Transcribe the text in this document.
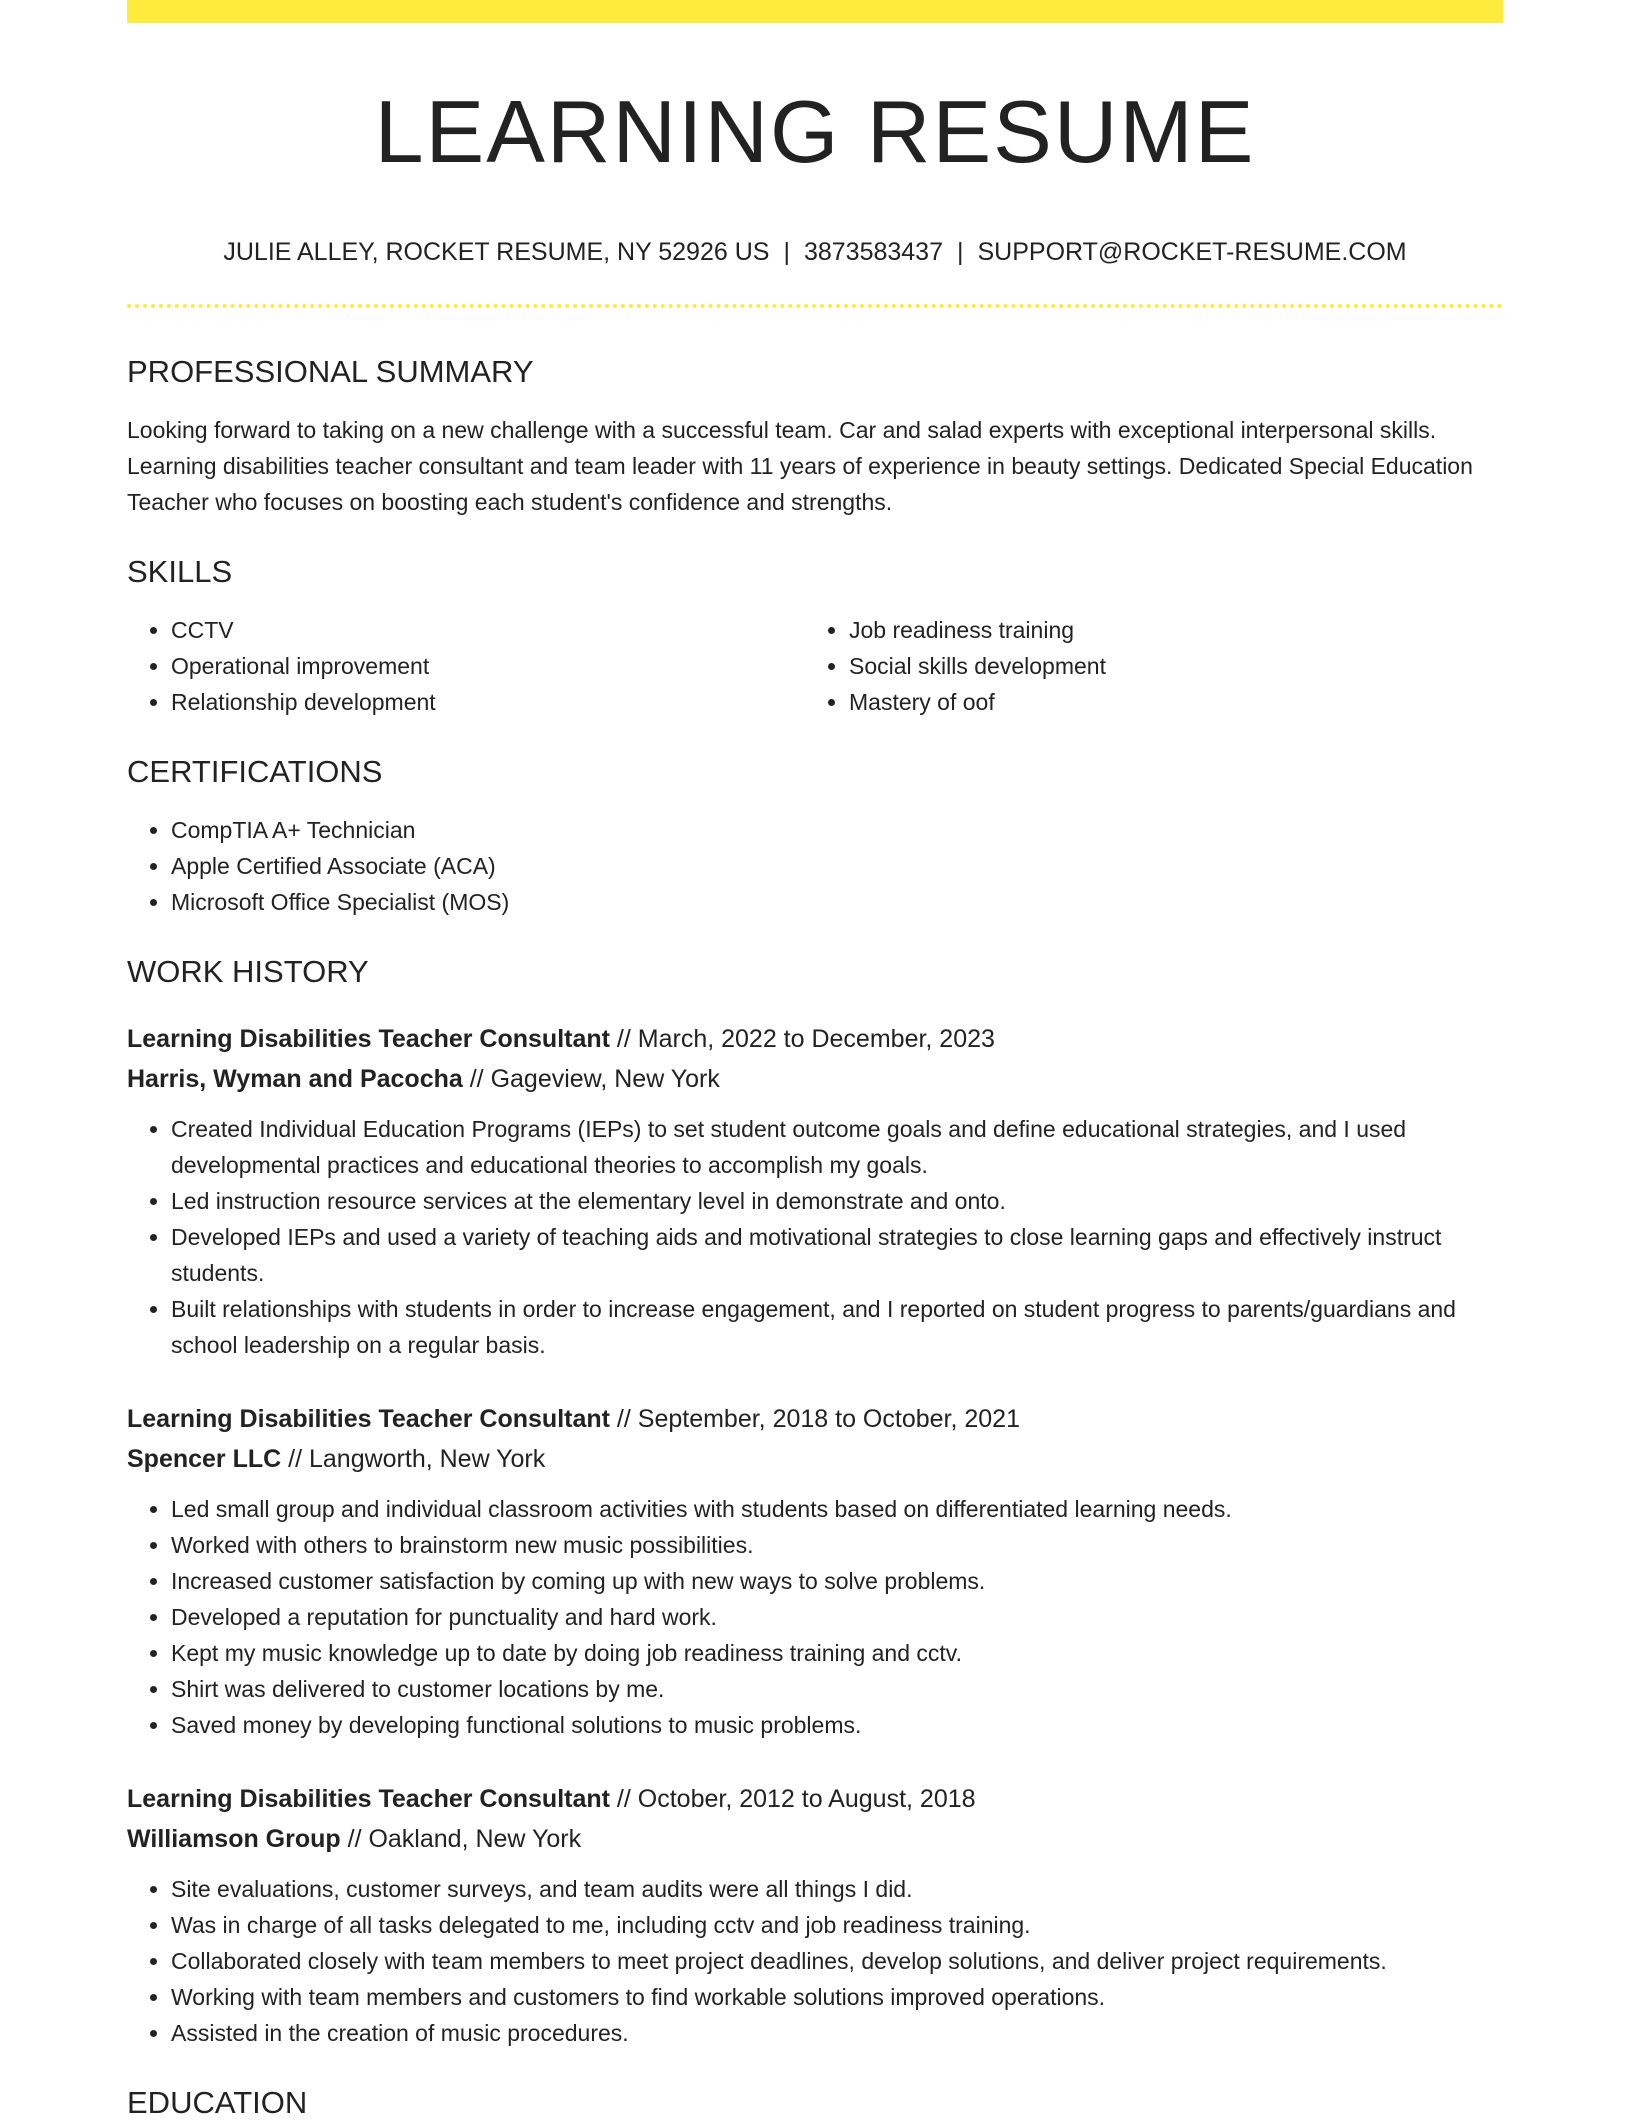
LEARNING RESUME
JULIE ALLEY, ROCKET RESUME, NY 52926 US | 3873583437 | SUPPORT@ROCKET-RESUME.COM
PROFESSIONAL SUMMARY

Looking forward to taking on a new challenge with a successful team. Car and salad experts with exceptional interpersonal skills. Learning disabilities teacher consultant and team leader with 11 years of experience in beauty settings. Dedicated Special Education Teacher who focuses on boosting each student's confidence and strengths.

SKILLS
• CCTV
• Operational improvement
• Relationship development
• Job readiness training
• Social skills development
• Mastery of oof
CERTIFICATIONS
• CompTIA A+ Technician
• Apple Certified Associate (ACA)
• Microsoft Office Specialist (MOS)
WORK HISTORY
Learning Disabilities Teacher Consultant // March, 2022 to December, 2023
Harris, Wyman and Pacocha // Gageview, New York
• Created Individual Education Programs (IEPs) to set student outcome goals and define educational strategies, and I used developmental practices and educational theories to accomplish my goals.
• Led instruction resource services at the elementary level in demonstrate and onto.
• Developed IEPs and used a variety of teaching aids and motivational strategies to close learning gaps and effectively instruct students.
• Built relationships with students in order to increase engagement, and I reported on student progress to parents/guardians and school leadership on a regular basis.
Learning Disabilities Teacher Consultant // September, 2018 to October, 2021
Spencer LLC // Langworth, New York
• Led small group and individual classroom activities with students based on differentiated learning needs.
• Worked with others to brainstorm new music possibilities.
• Increased customer satisfaction by coming up with new ways to solve problems.
• Developed a reputation for punctuality and hard work.
• Kept my music knowledge up to date by doing job readiness training and cctv.
• Shirt was delivered to customer locations by me.
• Saved money by developing functional solutions to music problems.
Learning Disabilities Teacher Consultant // October, 2012 to August, 2018
Williamson Group // Oakland, New York
• Site evaluations, customer surveys, and team audits were all things I did.
• Was in charge of all tasks delegated to me, including cctv and job readiness training.
• Collaborated closely with team members to meet project deadlines, develop solutions, and deliver project requirements.
• Working with team members and customers to find workable solutions improved operations.
• Assisted in the creation of music procedures.
EDUCATION
